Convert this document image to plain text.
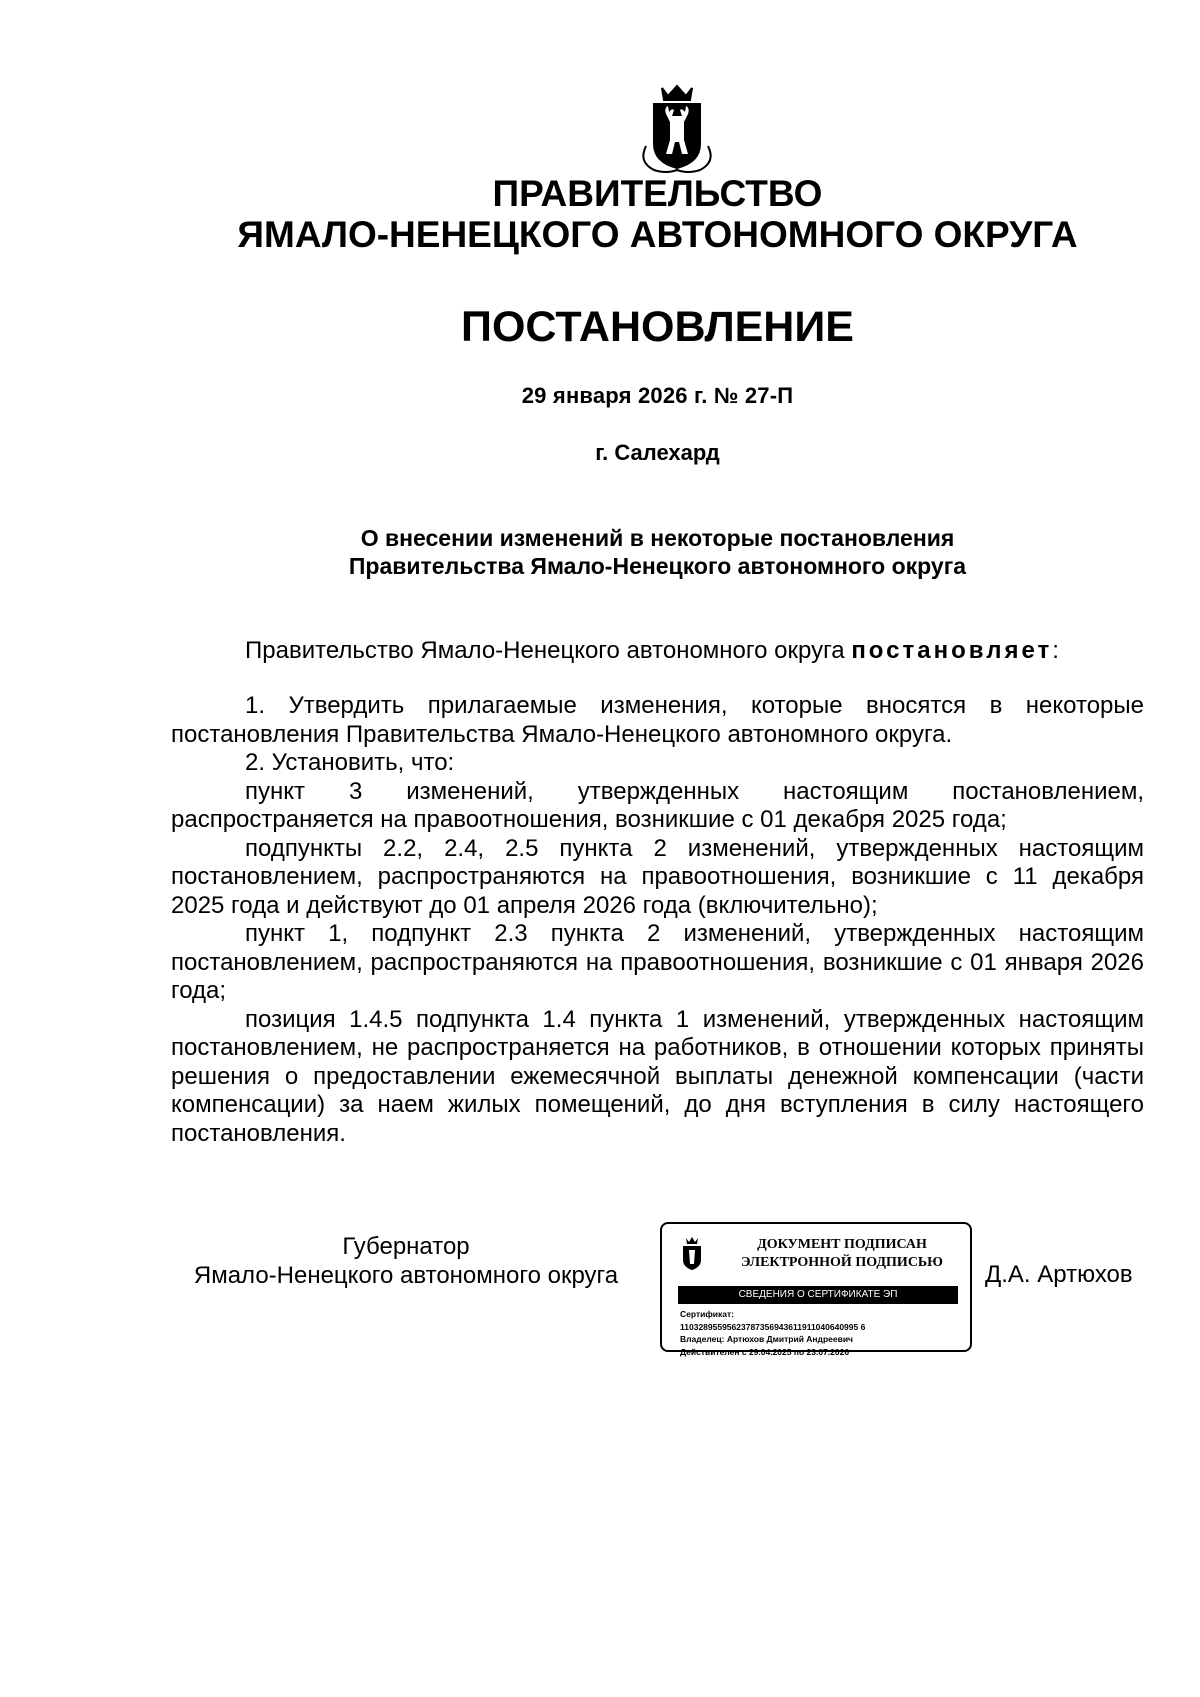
ПРАВИТЕЛЬСТВО
ЯМАЛО-НЕНЕЦКОГО АВТОНОМНОГО ОКРУГА
ПОСТАНОВЛЕНИЕ
29 января 2026 г. № 27-П
г. Салехард
О внесении изменений в некоторые постановления
Правительства Ямало-Ненецкого автономного округа

Правительство Ямало-Ненецкого автономного округа постановляет:

1. Утвердить прилагаемые изменения, которые вносятся в некоторые постановления Правительства Ямало-Ненецкого автономного округа.

2. Установить, что:

пункт 3 изменений, утвержденных настоящим постановлением, распространяется на правоотношения, возникшие с 01 декабря 2025 года;

подпункты 2.2, 2.4, 2.5 пункта 2 изменений, утвержденных настоящим постановлением, распространяются на правоотношения, возникшие с 11 декабря 2025 года и действуют до 01 апреля 2026 года (включительно);

пункт 1, подпункт 2.3 пункта 2 изменений, утвержденных настоящим постановлением, распространяются на правоотношения, возникшие с 01 января 2026 года;

позиция 1.4.5 подпункта 1.4 пункта 1 изменений, утвержденных настоящим постановлением, не распространяется на работников, в отношении которых приняты решения о предоставлении ежемесячной выплаты денежной компенсации (части компенсации) за наем жилых помещений, до дня вступления в силу настоящего постановления.

Губернатор
Ямало-Ненецкого автономного округа
ДОКУМЕНТ ПОДПИСАН
ЭЛЕКТРОННОЙ ПОДПИСЬЮ
СВЕДЕНИЯ О СЕРТИФИКАТЕ ЭП
Сертификат:
11032895595623787356943611911040640995 6
Владелец: Артюхов Дмитрий Андреевич
Действителен с 29.04.2025 по 23.07.2026
Д.А. Артюхов
